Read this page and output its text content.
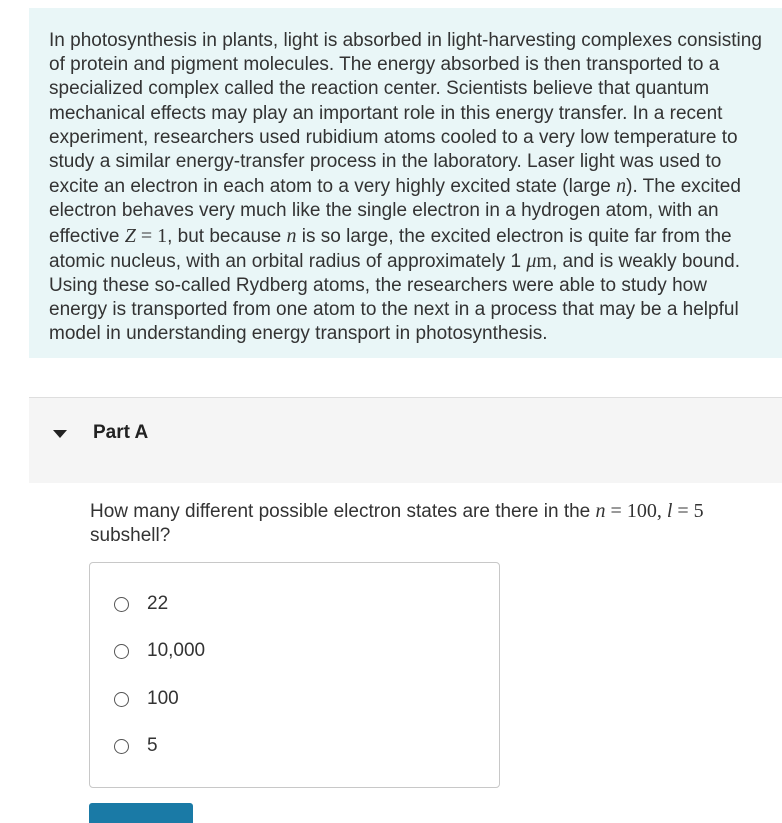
In photosynthesis in plants, light is absorbed in light-harvesting complexes consisting of protein and pigment molecules. The energy absorbed is then transported to a specialized complex called the reaction center. Scientists believe that quantum mechanical effects may play an important role in this energy transfer. In a recent experiment, researchers used rubidium atoms cooled to a very low temperature to study a similar energy-transfer process in the laboratory. Laser light was used to excite an electron in each atom to a very highly excited state (large n). The excited electron behaves very much like the single electron in a hydrogen atom, with an effective Z = 1, but because n is so large, the excited electron is quite far from the atomic nucleus, with an orbital radius of approximately 1 μm, and is weakly bound. Using these so-called Rydberg atoms, the researchers were able to study how energy is transported from one atom to the next in a process that may be a helpful model in understanding energy transport in photosynthesis.

Part A

How many different possible electron states are there in the n = 100, l = 5 subshell?

22
10,000
100
5
